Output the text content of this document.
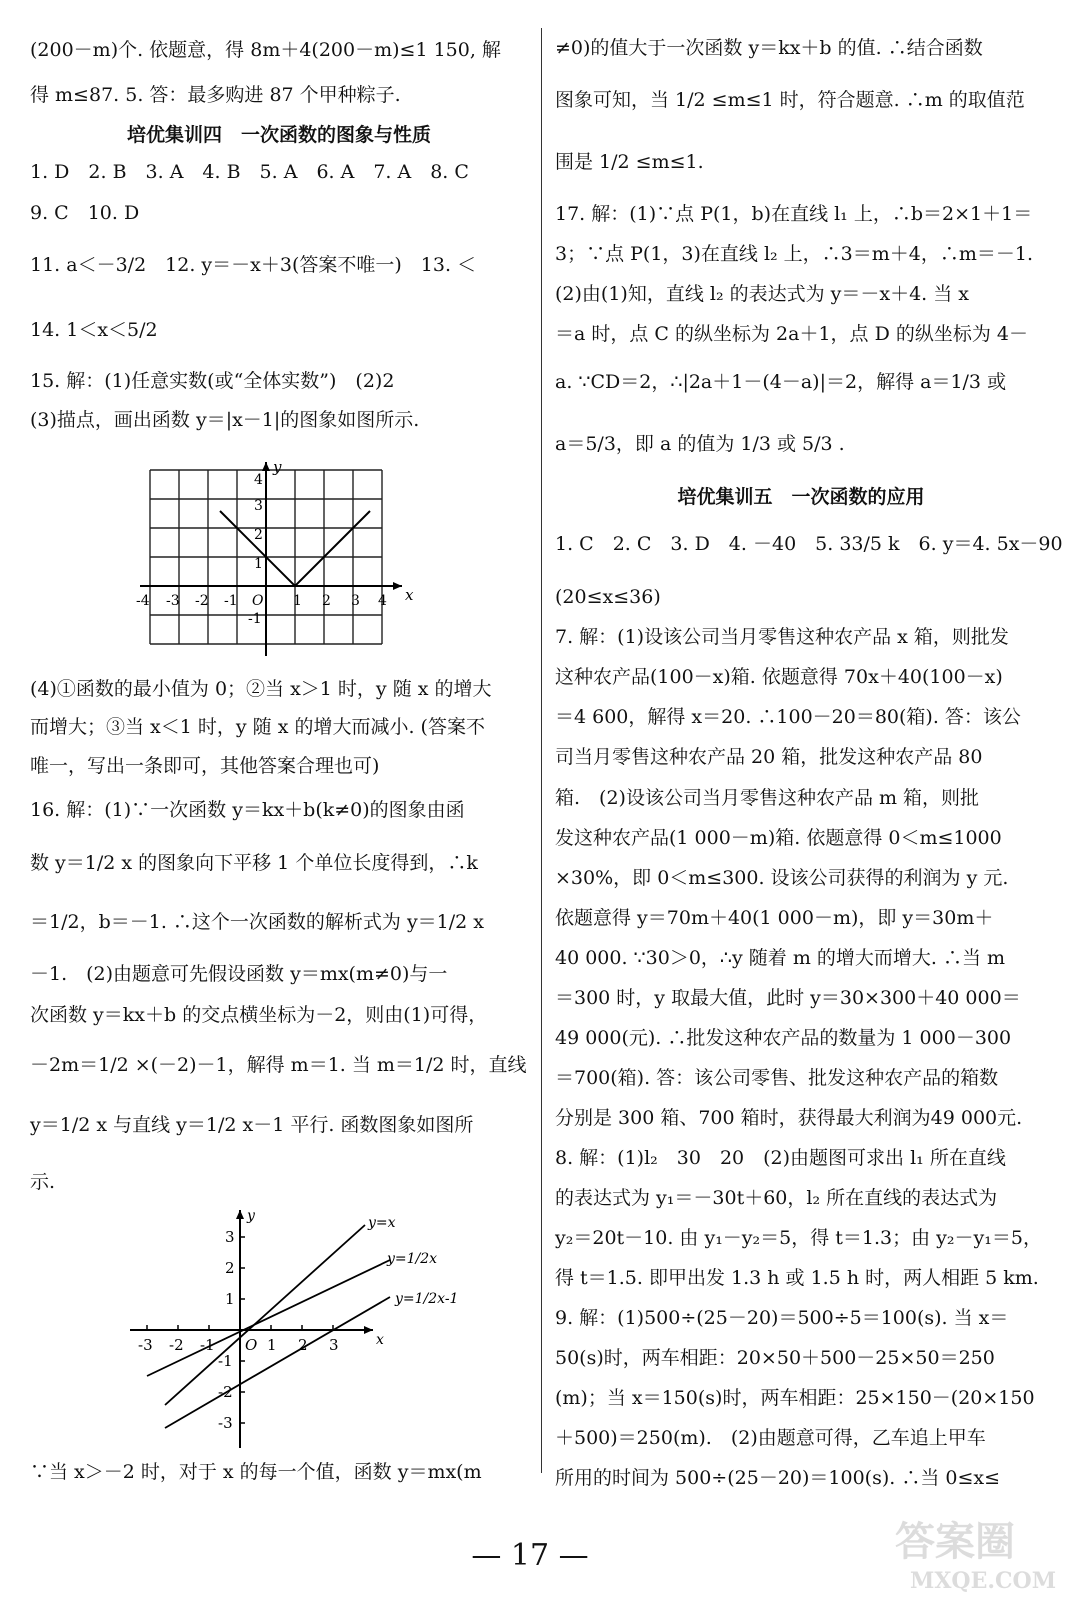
(200－m)个. 依题意，得 8m＋4(200－m)≤1 150, 解
得 m≤87. 5. 答：最多购进 87 个甲种粽子.
培优集训四　一次函数的图象与性质
1. D　2. B　3. A　4. B　5. A　6. A　7. A　8. C
9. C　10. D
11. a＜－3/2　12. y＝－x＋3(答案不唯一)　13. ＜
14. 1＜x＜5/2
15. 解：(1)任意实数(或“全体实数”)　(2)2
(3)描点，画出函数 y＝|x－1|的图象如图所示.
x
y
-4 -3 -2 -1 O 1 2 3 4
4
3
2
1
-1
(4)①函数的最小值为 0；②当 x＞1 时，y 随 x 的增大
而增大；③当 x＜1 时，y 随 x 的增大而减小. (答案不
唯一，写出一条即可，其他答案合理也可)
16. 解：(1)∵一次函数 y＝kx＋b(k≠0)的图象由函
数 y＝1/2 x 的图象向下平移 1 个单位长度得到，∴k
＝1/2，b＝－1. ∴这个一次函数的解析式为 y＝1/2 x
－1.　(2)由题意可先假设函数 y＝mx(m≠0)与一
次函数 y＝kx＋b 的交点横坐标为－2，则由(1)可得，
－2m＝1/2 ×(－2)－1，解得 m＝1. 当 m＝1/2 时，直线
y＝1/2 x 与直线 y＝1/2 x－1 平行. 函数图象如图所
示.
y=x
y=1/2x
y=1/2x-1
x
y
-3 -2 -1 O 1 2 3
3
2
1
-1
-2
-3
∵当 x＞－2 时，对于 x 的每一个值，函数 y＝mx(m
≠0)的值大于一次函数 y＝kx＋b 的值. ∴结合函数
图象可知，当 1/2 ≤m≤1 时，符合题意. ∴m 的取值范
围是 1/2 ≤m≤1.
17. 解：(1)∵点 P(1，b)在直线 l₁ 上，∴b＝2×1＋1＝
3；∵点 P(1，3)在直线 l₂ 上，∴3＝m＋4，∴m＝－1.
(2)由(1)知，直线 l₂ 的表达式为 y＝－x＋4. 当 x
＝a 时，点 C 的纵坐标为 2a＋1，点 D 的纵坐标为 4－
a. ∵CD＝2，∴|2a＋1－(4－a)|＝2，解得 a＝1/3 或
a＝5/3，即 a 的值为 1/3 或 5/3 .
培优集训五　一次函数的应用
1. C　2. C　3. D　4. －40　5. 33/5 k　6. y＝4. 5x－90
(20≤x≤36)
7. 解：(1)设该公司当月零售这种农产品 x 箱，则批发
这种农产品(100－x)箱. 依题意得 70x＋40(100－x)
＝4 600，解得 x＝20. ∴100－20＝80(箱). 答：该公
司当月零售这种农产品 20 箱，批发这种农产品 80
箱.　(2)设该公司当月零售这种农产品 m 箱，则批
发这种农产品(1 000－m)箱. 依题意得 0＜m≤1000
×30%，即 0＜m≤300. 设该公司获得的利润为 y 元.
依题意得 y＝70m＋40(1 000－m)，即 y＝30m＋
40 000. ∵30＞0，∴y 随着 m 的增大而增大. ∴当 m
＝300 时，y 取最大值，此时 y＝30×300＋40 000＝
49 000(元). ∴批发这种农产品的数量为 1 000－300
＝700(箱). 答：该公司零售、批发这种农产品的箱数
分别是 300 箱、700 箱时，获得最大利润为49 000元.
8. 解：(1)l₂　30　20　(2)由题图可求出 l₁ 所在直线
的表达式为 y₁＝－30t＋60，l₂ 所在直线的表达式为
y₂＝20t－10. 由 y₁－y₂＝5，得 t＝1.3；由 y₂－y₁＝5，
得 t＝1.5. 即甲出发 1.3 h 或 1.5 h 时，两人相距 5 km.
9. 解：(1)500÷(25－20)＝500÷5＝100(s). 当 x＝
50(s)时，两车相距：20×50＋500－25×50＝250
(m)；当 x＝150(s)时，两车相距：25×150－(20×150
＋500)＝250(m).　(2)由题意可得，乙车追上甲车
所用的时间为 500÷(25－20)＝100(s). ∴当 0≤x≤
— 17 —	答案圈
MXQE.COM
